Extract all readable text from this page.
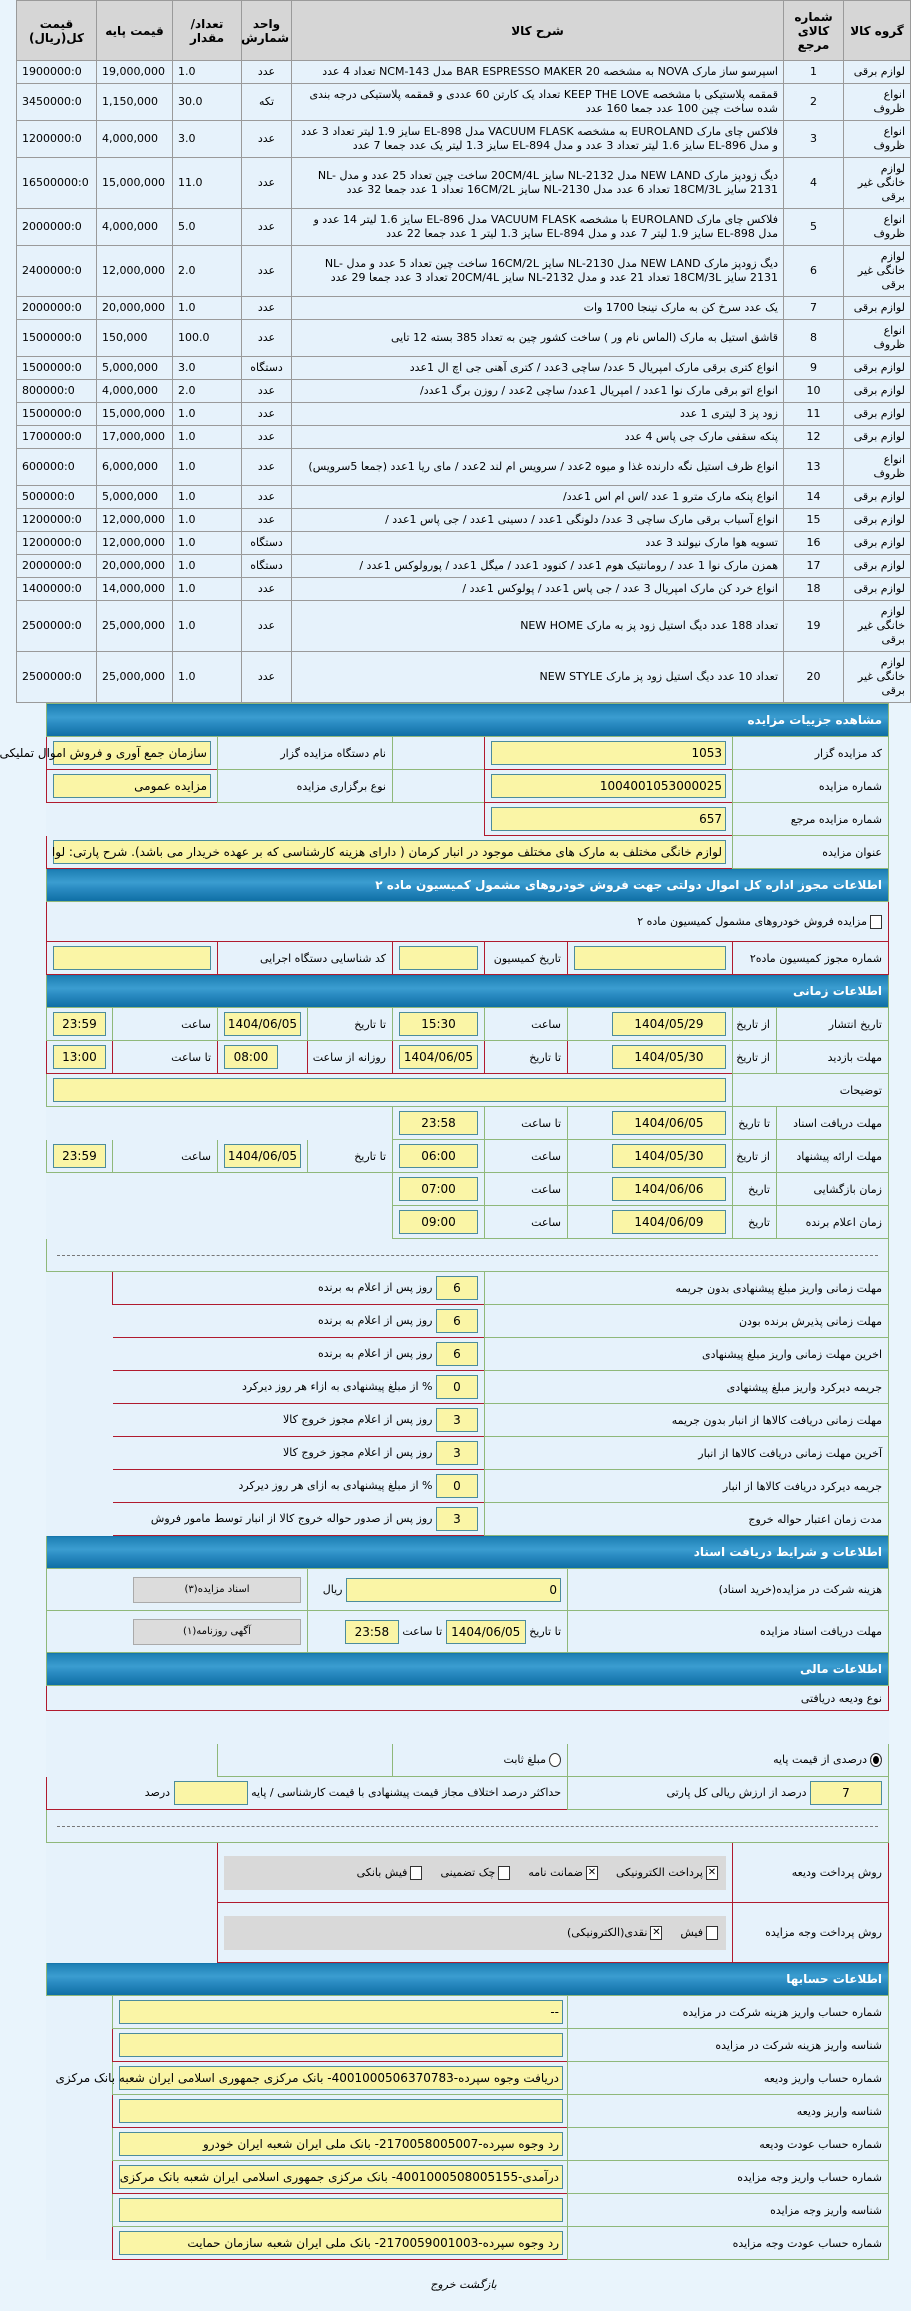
گروه کالا	شماره کالای مرجع	شرح کالا	واحد شمارش	تعداد/مقدار	قیمت پایه	قیمت کل(ریال)
لوازم برقی	1	اسپرسو ساز مارک NOVA به مشخصه BAR ESPRESSO MAKER 20 مدل NCM-143 تعداد 4 عدد	عدد	1.0	19,000,000	1900000:0
انواع ظروف	2	قمقمه پلاستیکی با مشخصه KEEP THE LOVE تعداد یک کارتن 60 عددی و قمقمه پلاستیکی درجه بندی شده ساخت چین 100 عدد جمعا 160 عدد	تکه	30.0	1,150,000	3450000:0
انواع ظروف	3	فلاکس چای مارک EUROLAND به مشخصه VACUUM FLASK مدل EL-898 سایز 1.9 لیتر تعداد 3 عدد و مدل EL-896 سایز 1.6 لیتر تعداد 3 عدد و مدل EL-894 سایز 1.3 لیتر یک عدد جمعا 7 عدد	عدد	3.0	4,000,000	1200000:0
لوازم خانگی غیر برقی	4	دیگ زودپز مارک NEW LAND مدل NL-2132 سایز 20CM/4L ساخت چین تعداد 25 عدد و مدل NL-2131 سایز 18CM/3L تعداد 6 عدد مدل NL-2130 سایز 16CM/2L تعداد 1 عدد جمعا 32 عدد	عدد	11.0	15,000,000	16500000:0
انواع ظروف	5	فلاکس چای مارک EUROLAND با مشخصه VACUUM FLASK مدل EL-896 سایز 1.6 لیتر 14 عدد و مدل EL-898 سایز 1.9 لیتر 7 عدد و مدل EL-894 سایز 1.3 لیتر 1 عدد جمعا 22 عدد	عدد	5.0	4,000,000	2000000:0
لوازم خانگی غیر برقی	6	دیگ زودپز مارک NEW LAND مدل NL-2130 سایز 16CM/2L ساخت چین تعداد 5 عدد و مدل NL-2131 سایز 18CM/3L تعداد 21 عدد و مدل NL-2132 سایز 20CM/4L تعداد 3 عدد جمعا 29 عدد	عدد	2.0	12,000,000	2400000:0
لوازم برقی	7	یک عدد سرخ کن به مارک نینجا 1700 وات	عدد	1.0	20,000,000	2000000:0
انواع ظروف	8	قاشق استیل به مارک (الماس نام ور ) ساخت کشور چین به تعداد 385 بسته 12 تایی	عدد	100.0	150,000	1500000:0
لوازم برقی	9	انواع کتری برقی مارک امپریال 5 عدد/ ساچی 3عدد / کتری آهنی جی اچ ال 1عدد	دستگاه	3.0	5,000,000	1500000:0
لوازم برقی	10	انواع اتو برقی مارک نوا 1عدد / امپریال 1عدد/ ساچی 2عدد / روزن برگ 1عدد/	عدد	2.0	4,000,000	800000:0
لوازم برقی	11	زود پز 3 لیتری 1 عدد	عدد	1.0	15,000,000	1500000:0
لوازم برقی	12	پنکه سقفی مارک جی پاس 4 عدد	عدد	1.0	17,000,000	1700000:0
انواع ظروف	13	انواع ظرف استیل نگه دارنده غذا و میوه 2عدد / سرویس ام لند 2عدد / مای ریا 1عدد (جمعا 5سرویس)	عدد	1.0	6,000,000	600000:0
لوازم برقی	14	انواع پنکه مارک مترو 1 عدد /اس ام اس 1عدد/	عدد	1.0	5,000,000	500000:0
لوازم برقی	15	انواع آسیاب برقی مارک ساچی 3 عدد/ دلونگی 1عدد / دسینی 1عدد / جی پاس 1عدد /	عدد	1.0	12,000,000	1200000:0
لوازم برقی	16	تسویه هوا مارک نیولند 3 عدد	دستگاه	1.0	12,000,000	1200000:0
لوازم برقی	17	همزن مارک نوا 1 عدد / رومانتیک هوم 1عدد / کنوود 1عدد / میگل 1عدد / پورولوکس 1عدد /	دستگاه	1.0	20,000,000	2000000:0
لوازم برقی	18	انواع خرد کن مارک امپریال 3 عدد / جی پاس 1عدد / پولوکس 1عدد /	عدد	1.0	14,000,000	1400000:0
لوازم خانگی غیر برقی	19	تعداد 188 عدد دیگ استیل زود پز به مارک NEW HOME	عدد	1.0	25,000,000	2500000:0
لوازم خانگی غیر برقی	20	تعداد 10 عدد دیگ استیل زود پز مارک NEW STYLE	عدد	1.0	25,000,000	2500000:0
مشاهده جزییات مزایده								
کد مزایده گزار		1053			نام دستگاه مزایده گزار		سازمان جمع آوری و فروش اموال تملیکی	

شماره مزایده		1004001053000025			نوع برگزاری مزایده		مزایده عمومی	

شماره مزایده مرجع		657						

عنوان مزایده		لوازم خانگی مختلف به مارک های مختلف موجود در انبار کرمان ( دارای هزینه کارشناسی که بر عهده خریدار می باشد). شرح پارتی: لوا						

اطلاعات مجوز اداره کل اموال دولتی جهت فروش خودروهای مشمول کمیسیون ماده ۲								
مزایده فروش خودروهای مشمول کمیسیون ماده ۲								
شماره مجوز کمیسیون ماده۲			تاریخ کمیسیون		کد شناسایی دستگاه اجرایی			

اطلاعات زمانی								
تاریخ انتشار	از تاریخ	1404/05/29	ساعت	15:30	تا تاریخ	1404/06/05	ساعت	23:59

مهلت بازدید	از تاریخ	1404/05/30	تا تاریخ	1404/06/05	روزانه از ساعت	08:00	تا ساعت	13:00

توضیحات								

مهلت دریافت اسناد	تا تاریخ	1404/06/05	تا ساعت	23:58				

مهلت ارائه پیشنهاد	از تاریخ	1404/05/30	ساعت	06:00	تا تاریخ	1404/06/05	ساعت	23:59

زمان بازگشایی	تاریخ	1404/06/06	ساعت	07:00				

زمان اعلام برنده	تاریخ	1404/06/09	ساعت	09:00				

مهلت زمانی واریز مبلغ پیشنهادی بدون جریمه				6 روز پس از اعلام به برنده				
مهلت زمانی پذیرش برنده بودن				6 روز پس از اعلام به برنده				
اخرین مهلت زمانی واریز مبلغ پیشنهادی				6 روز پس از اعلام به برنده				
جریمه دیرکرد واریز مبلغ پیشنهادی				0 % از مبلغ پیشنهادی به ازاء هر روز دیرکرد				
مهلت زمانی دریافت کالاها از انبار بدون جریمه				3 روز پس از اعلام مجوز خروج کالا				
آخرین مهلت زمانی دریافت کالاها از انبار				3 روز پس از اعلام مجوز خروج کالا				
جریمه دیرکرد دریافت کالاها از انبار				0 % از مبلغ پیشنهادی به ازای هر روز دیرکرد				
مدت زمان اعتبار حواله خروج				3 روز پس از صدور حواله خروج کالا از انبار توسط مامور فروش				
اطلاعات و شرایط دریافت اسناد								
هزینه شرکت در مزایده(خرید اسناد)			0 ریال			اسناد مزایده(۳)		

مهلت دریافت اسناد مزایده			تا تاریخ 1404/06/05 تا ساعت 23:58			آگهی روزنامه(۱)		

اطلاعات مالی								
نوع ودیعه دریافتی								

درصدی از قیمت پایه			مبلغ ثابت					
7 درصد از ارزش ریالی کل پارتی			حداکثر درصد اختلاف مجاز قیمت پیشنهادی با قیمت کارشناسی / پایه  درصد					

روش پرداخت ودیعه		✕پرداخت الکترونیکی✕ضمانت نامهچک تضمینیفیش بانکی						

روش پرداخت وجه مزایده		فیش✕نقدی(الکترونیکی)						

اطلاعات حسابها								
شماره حساب واریز هزینه شرکت در مزایده			--					

شناسه واریز هزینه شرکت در مزایده							

شماره حساب واریز ودیعه			دریافت وجوه سپرده-4001000506370783- بانک مرکزی جمهوری اسلامی ایران شعبه بانک مرکزی					

شناسه واریز ودیعه							

شماره حساب عودت ودیعه			رد وجوه سپرده-2170058005007- بانک ملی ایران شعبه ایران خودرو					

شماره حساب واریز وجه مزایده			درآمدی-4001000508005155- بانک مرکزی جمهوری اسلامی ایران شعبه بانک مرکزی					

شناسه واریز وجه مزایده							

شماره حساب عودت وجه مزایده			رد وجوه سپرده-2170059001003- بانک ملی ایران شعبه سازمان حمایت					

بازگشت خروج
